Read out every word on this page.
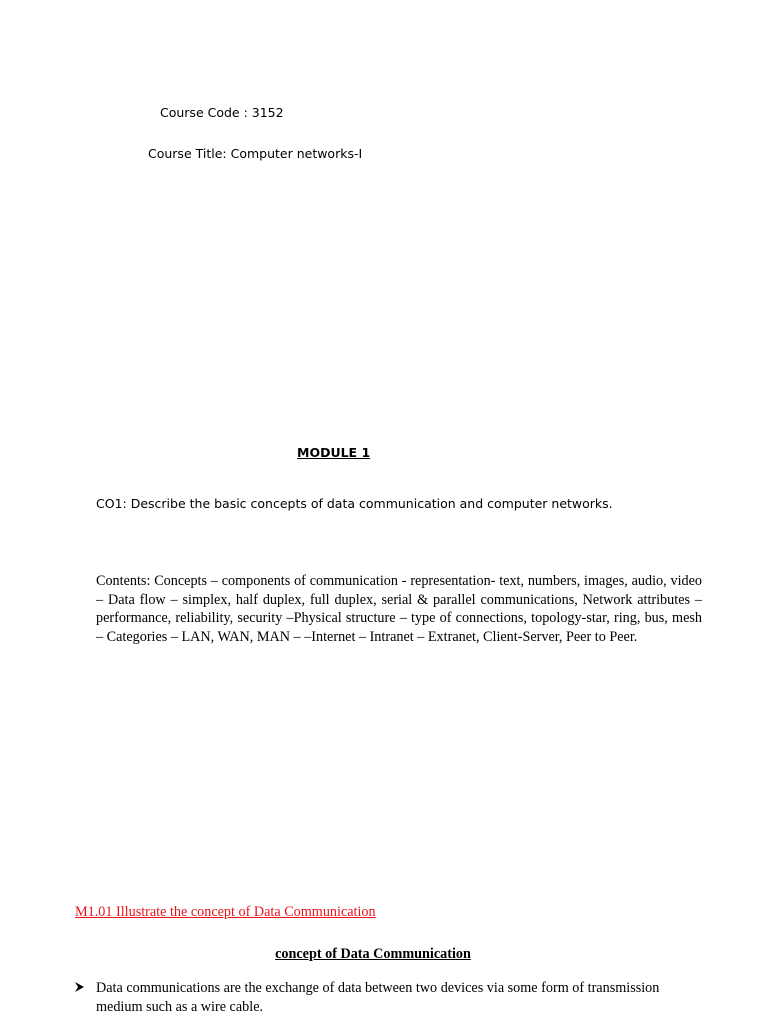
Course Code : 3152
Course Title: Computer networks-I
MODULE 1
CO1: Describe the basic concepts of data communication and computer networks.
Contents: Concepts – components of communication - representation- text, numbers, images, audio, video – Data flow – simplex, half duplex, full duplex, serial & parallel communications, Network attributes – performance, reliability, security –Physical structure – type of connections, topology-star, ring, bus, mesh – Categories – LAN, WAN, MAN – –Internet – Intranet – Extranet, Client-Server, Peer to Peer.
M1.01 Illustrate the concept of Data Communication
concept of Data Communication
Data communications are the exchange of data between two devices via some form of transmission medium such as a wire cable.
